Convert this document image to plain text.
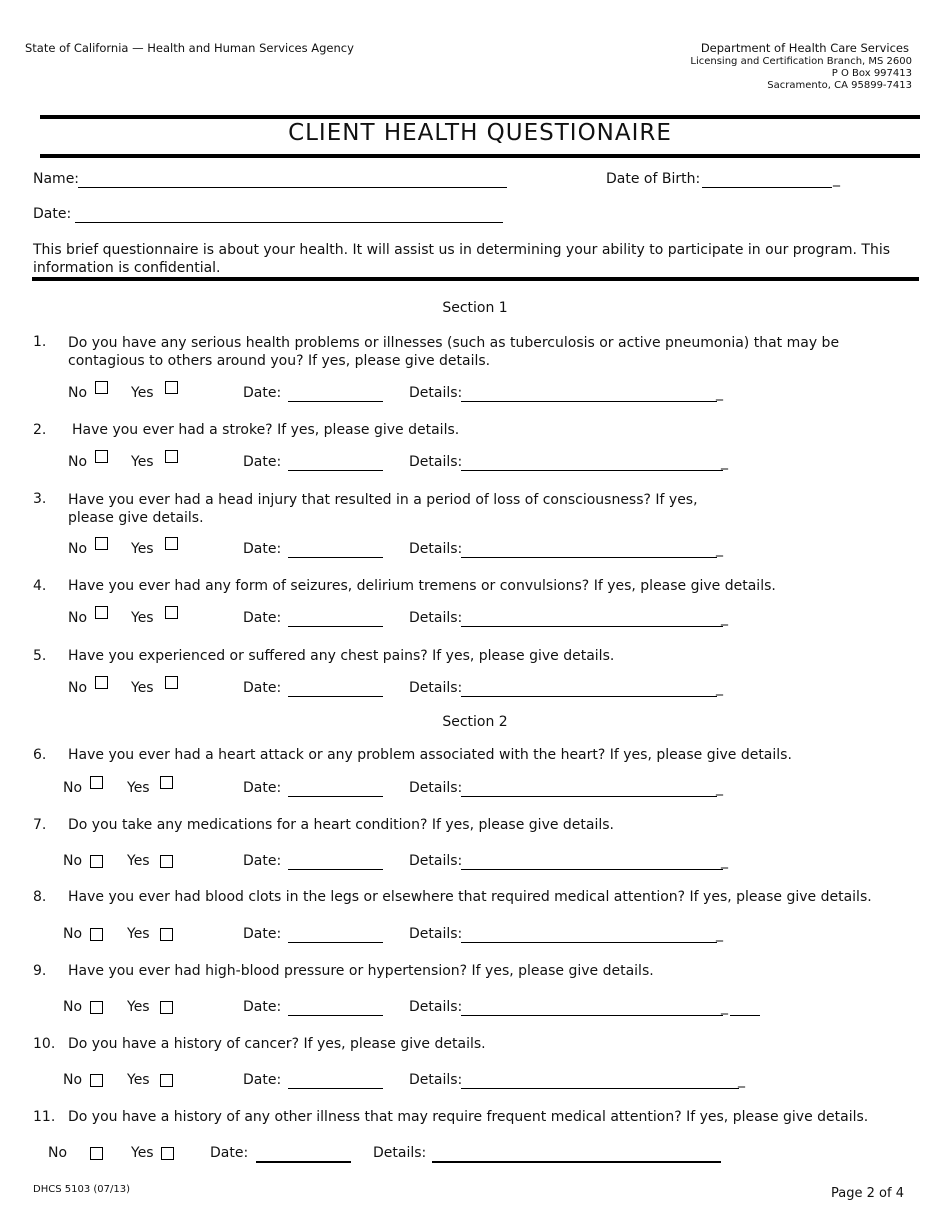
State of California — Health and Human Services Agency	Department of Health Care Services
Licensing and Certification Branch, MS 2600
P O Box 997413
Sacramento, CA 95899-7413
CLIENT HEALTH QUESTIONAIRE
Name:	Date of Birth:	_
Date:
This brief questionnaire is about your health. It will assist us in determining your ability to participate in our program. This information is confidential.
Section 1
1. Do you have any serious health problems or illnesses (such as tuberculosis or active pneumonia) that may be contagious to others around you? If yes, please give details.
No	Yes	Date:	Details:	_
2. Have you ever had a stroke? If yes, please give details.
No	Yes	Date:	Details:	_
3. Have you ever had a head injury that resulted in a period of loss of consciousness? If yes, please give details.
No	Yes	Date:	Details:	_
4. Have you ever had any form of seizures, delirium tremens or convulsions? If yes, please give details.
No	Yes	Date:	Details:	_
5. Have you experienced or suffered any chest pains? If yes, please give details.
No	Yes	Date:	Details:	_
Section 2
6. Have you ever had a heart attack or any problem associated with the heart? If yes, please give details.
No	Yes	Date:	Details:	_
7. Do you take any medications for a heart condition? If yes, please give details.
No	Yes	Date:	Details:	_
8. Have you ever had blood clots in the legs or elsewhere that required medical attention? If yes, please give details.
No	Yes	Date:	Details:	_
9. Have you ever had high-blood pressure or hypertension? If yes, please give details.
No	Yes	Date:	Details:	_
10. Do you have a history of cancer? If yes, please give details.
No	Yes	Date:	Details:	_
11. Do you have a history of any other illness that may require frequent medical attention? If yes, please give details.
No	Yes	Date:	Details:
DHCS 5103 (07/13)	Page 2 of 4
